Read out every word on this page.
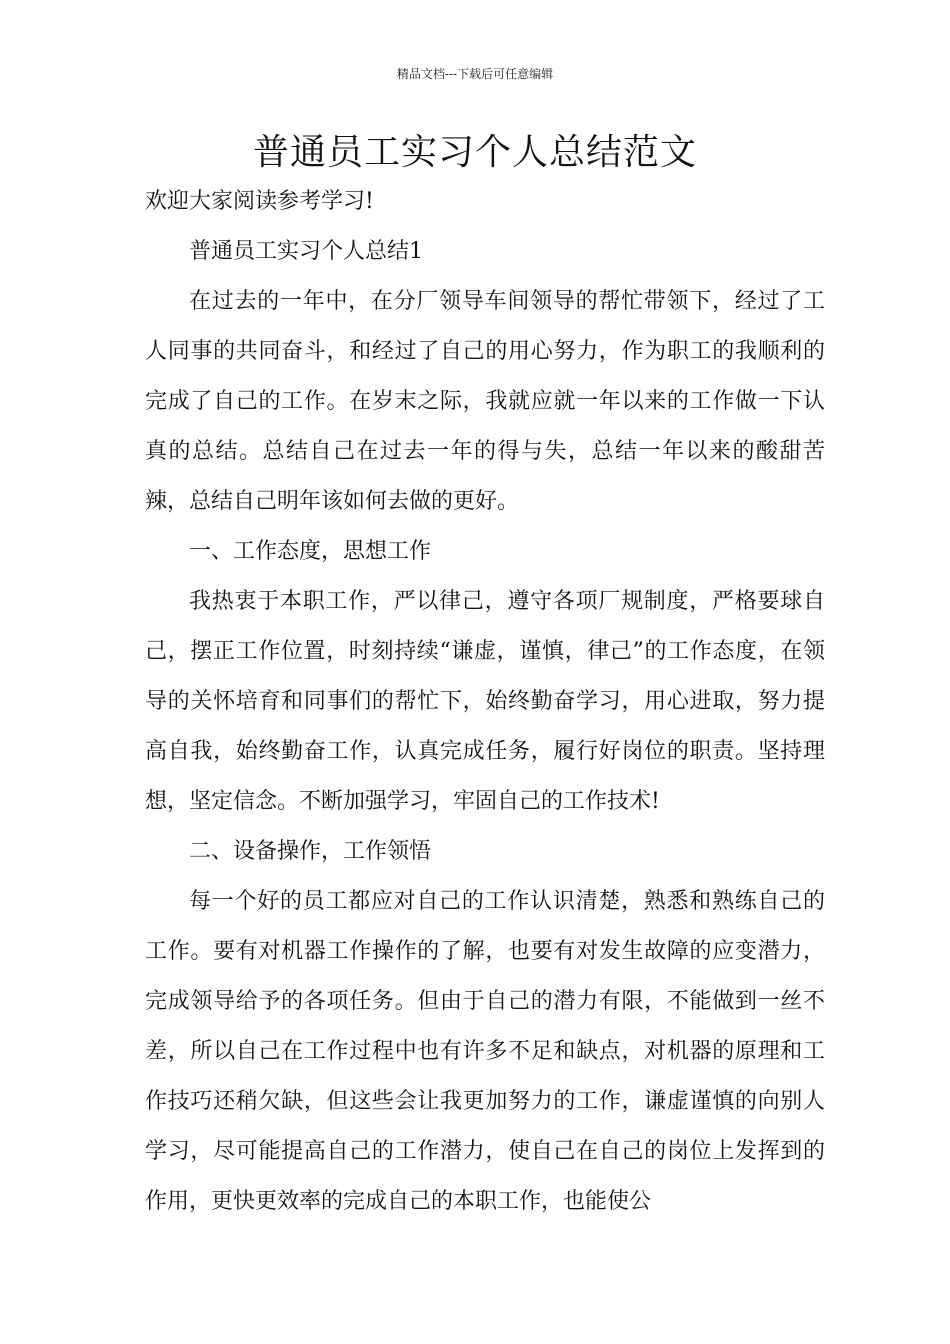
精品文档---下载后可任意编辑
普通员工实习个人总结范文

欢迎大家阅读参考学习!

普通员工实习个人总结1

在过去的一年中，在分厂领导车间领导的帮忙带领下，经过了工人同事的共同奋斗，和经过了自己的用心努力，作为职工的我顺利的完成了自己的工作。在岁末之际，我就应就一年以来的工作做一下认真的总结。总结自己在过去一年的得与失，总结一年以来的酸甜苦辣，总结自己明年该如何去做的更好。

一、工作态度，思想工作

我热衷于本职工作，严以律己，遵守各项厂规制度，严格要球自己，摆正工作位置，时刻持续“谦虚，谨慎，律己”的工作态度，在领导的关怀培育和同事们的帮忙下，始终勤奋学习，用心进取，努力提高自我，始终勤奋工作，认真完成任务，履行好岗位的职责。坚持理想，坚定信念。不断加强学习，牢固自己的工作技术!

二、设备操作，工作领悟

每一个好的员工都应对自己的工作认识清楚，熟悉和熟练自己的工作。要有对机器工作操作的了解，也要有对发生故障的应变潜力，完成领导给予的各项任务。但由于自己的潜力有限，不能做到一丝不差，所以自己在工作过程中也有许多不足和缺点，对机器的原理和工作技巧还稍欠缺，但这些会让我更加努力的工作，谦虚谨慎的向别人学习，尽可能提高自己的工作潜力，使自己在自己的岗位上发挥到的作用，更快更效率的完成自己的本职工作，也能使公
